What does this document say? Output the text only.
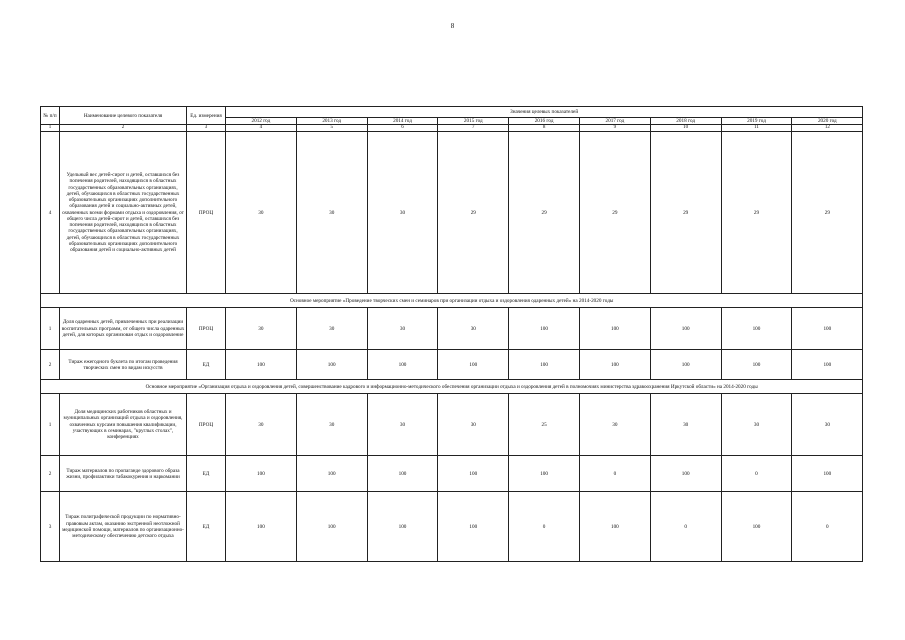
8
№ п/п	Наименование целевого показателя	Ед. измерения	Значения целевых показателей								
			2012 год	2013 год	2014 год	2015 год	2016 год	2017 год	2018 год	2019 год	2020 год
1	2	3	4	5	6	7	8	9	10	11	12
4	Удельный вес детей-сирот и детей, оставшихся без попечения родителей, находящихся в областных государственных образовательных организациях, детей, обучающихся в областных государственных образовательных организациях дополнительного образования детей и социально-активных детей, охваченных всеми формами отдыха и оздоровления, от общего числа детей-сирот и детей, оставшихся без попечения родителей, находящихся в областных государственных образовательных организациях, детей, обучающихся в областных государственных образовательных организациях дополнительного образования детей и социально-активных детей	ПРОЦ	30	30	30	29	29	29	29	29	29
Основное мероприятие «Проведение творческих смен и семинаров при организации отдыха и оздоровления одаренных детей» на 2014-2020 годы											
1	Доля одаренных детей, привлеченных при реализации воспитательных программ, от общего числа одаренных детей, для которых организован отдых и оздоровление	ПРОЦ	30	30	30	30	100	100	100	100	100
2	Тираж ежегодного буклета по итогам проведения творческих смен по видам искусств	ЕД	100	100	100	100	100	100	100	100	100
Основное мероприятие «Организация отдыха и оздоровления детей, совершенствование кадрового и информационно-методического обеспечения организации отдыха и оздоровления детей в полномочиях министерства здравоохранения Иркутской области» на 2014-2020 годы											
1	Доля медицинских работников областных и муниципальных организаций отдыха и оздоровления, охваченных курсами повышения квалификации, участвующих в семинарах, "круглых столах", конференциях	ПРОЦ	30	30	30	30	25	30	30	30	30
2	Тираж материалов по пропаганде здорового образа жизни, профилактики табакокурения и наркомании	ЕД	100	100	100	100	100	0	100	0	100
3	Тираж полиграфической продукции по нормативно-правовым актам, оказанию экстренной неотложной медицинской помощи, материалов по организационно-методическому обеспечению детского отдыха	ЕД	100	100	100	100	0	100	0	100	0
